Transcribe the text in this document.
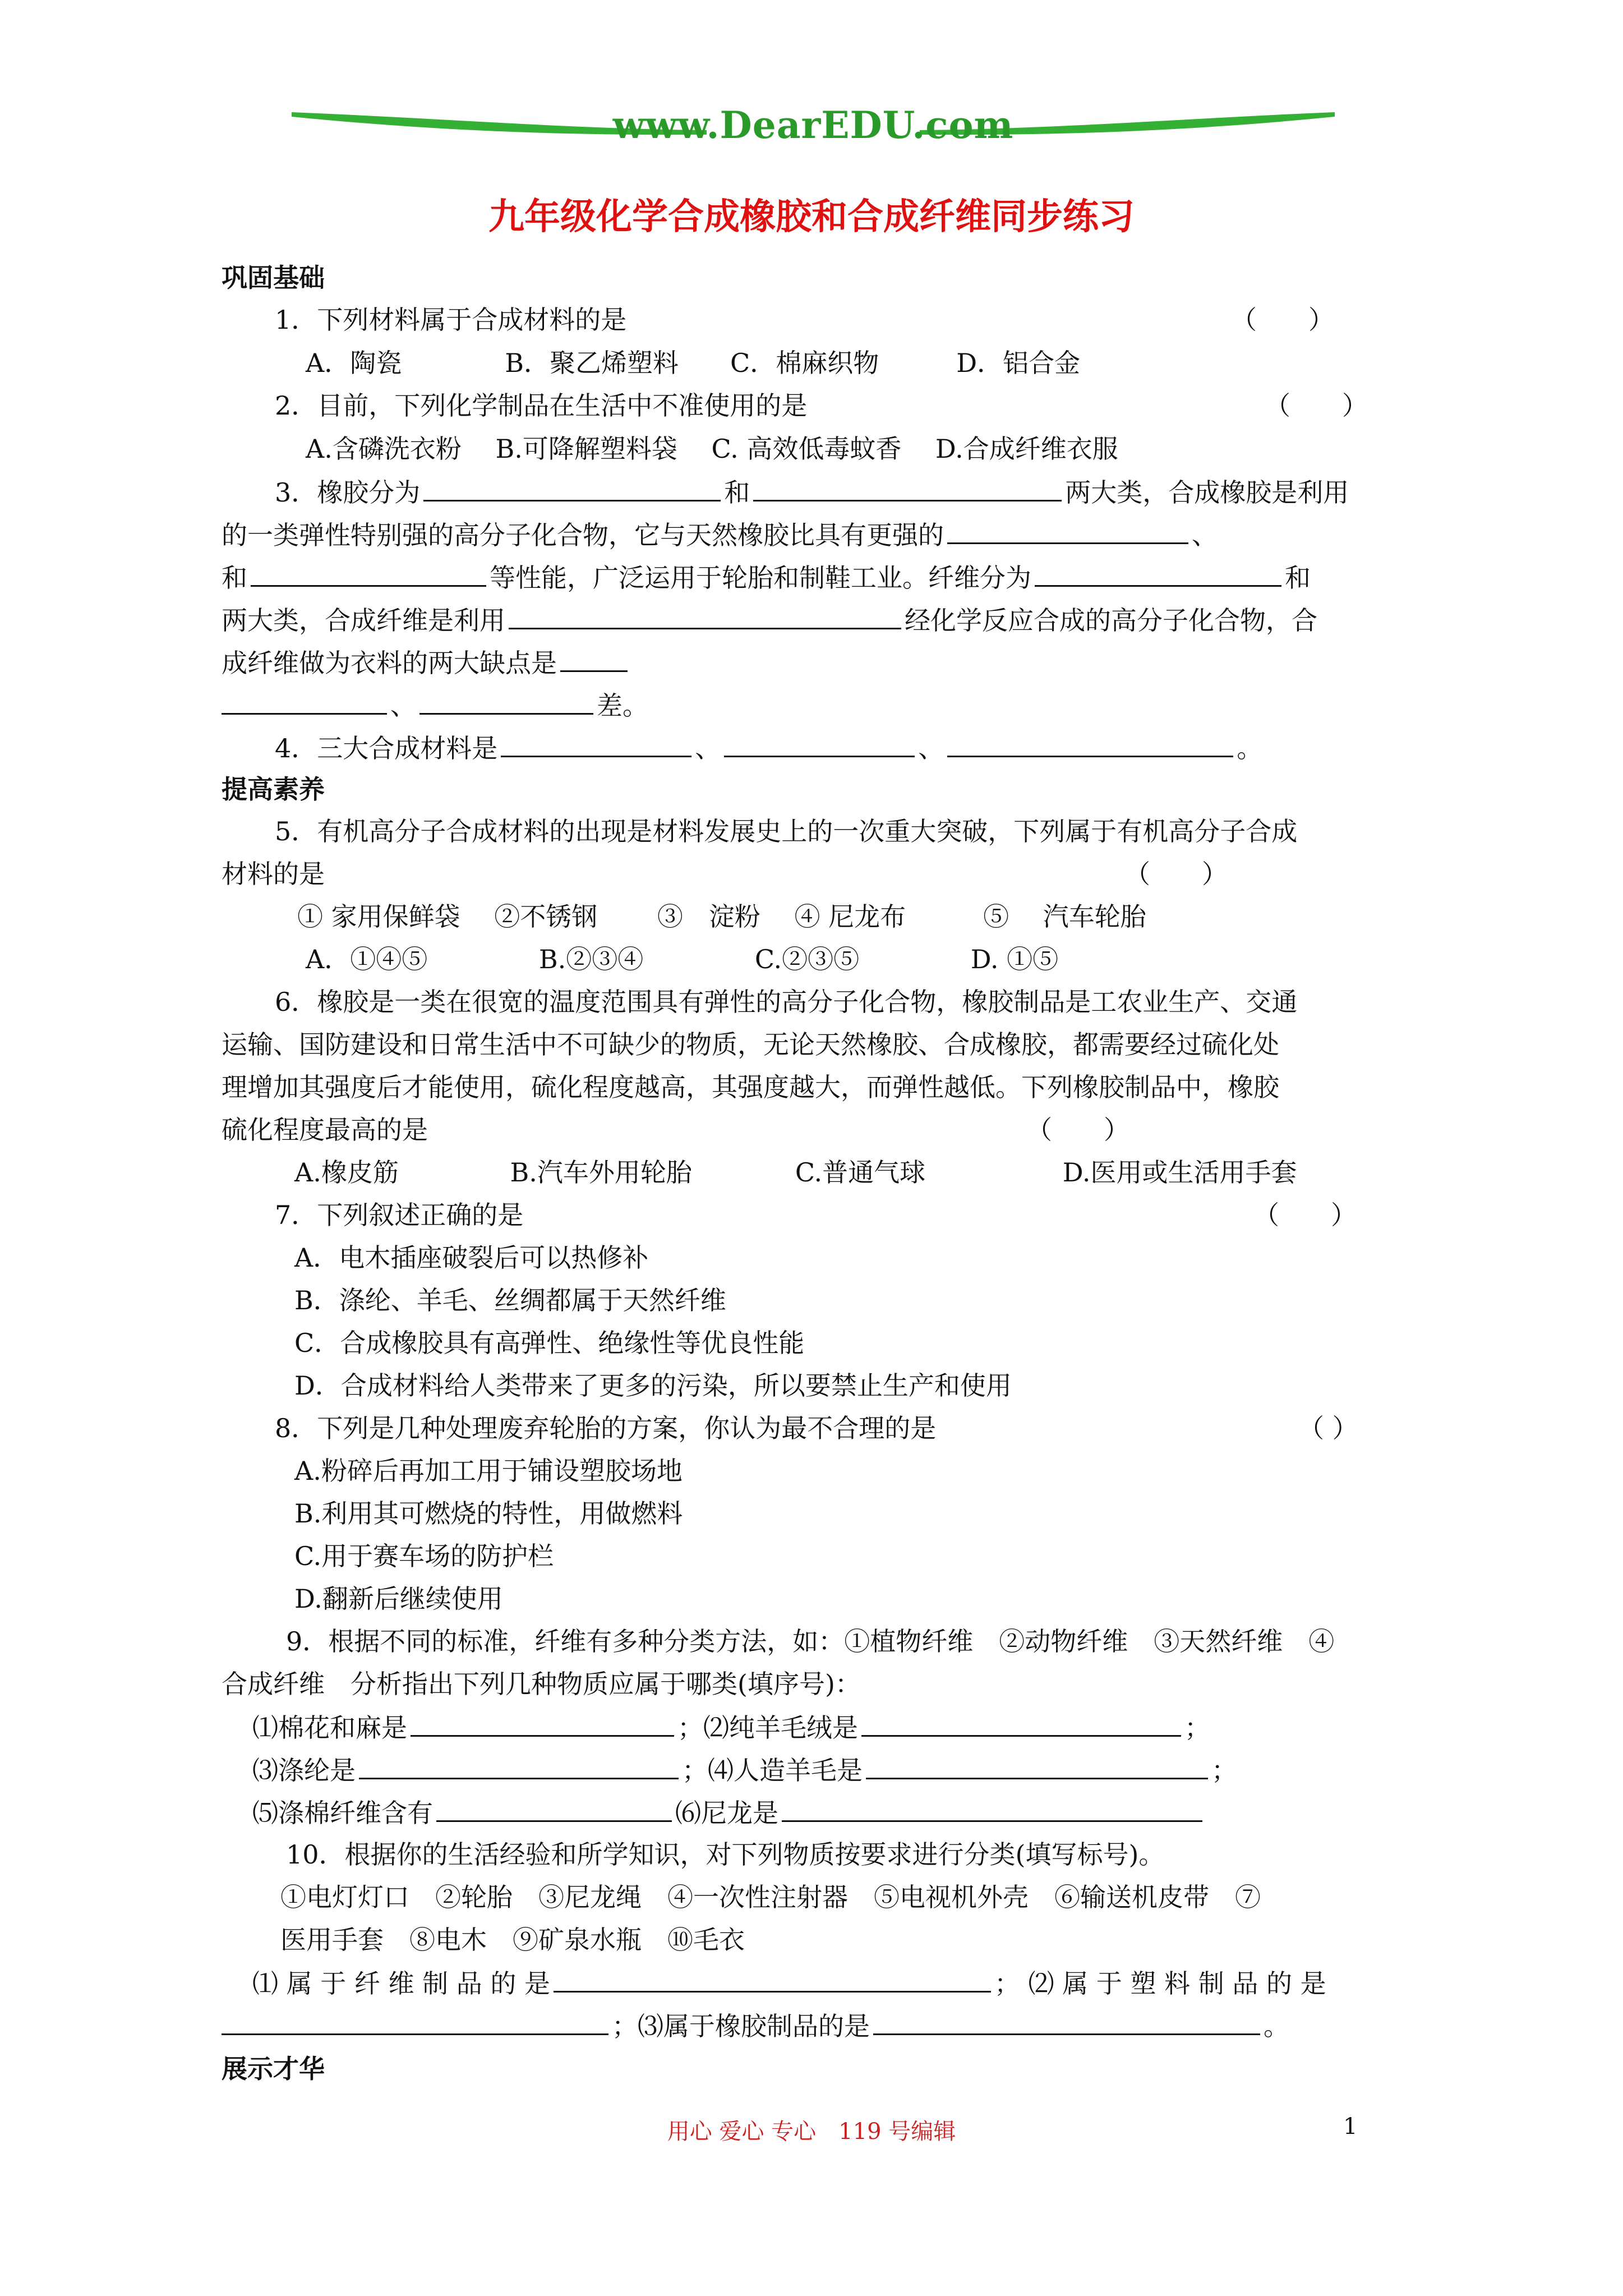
www.DearEDU.com
九年级化学合成橡胶和合成纤维同步练习
巩固基础
1．下列材料属于合成材料的是	（　　）
A．陶瓷　　　　B．聚乙烯塑料　　C．棉麻织物　　　D．铝合金
2．目前，下列化学制品在生活中不准使用的是	（　　）
A.含磷洗衣粉　 B.可降解塑料袋　 C. 高效低毒蚊香　 D.合成纤维衣服
3．橡胶分为	和	两大类，合成橡胶是利用
的一类弹性特别强的高分子化合物，它与天然橡胶比具有更强的	、
和	等性能，广泛运用于轮胎和制鞋工业。纤维分为	和
两大类，合成纤维是利用	经化学反应合成的高分子化合物，合
成纤维做为衣料的两大缺点是
、	差。
4．三大合成材料是	、	、	。
提高素养
5．有机高分子合成材料的出现是材料发展史上的一次重大突破，下列属于有机高分子合成
材料的是	（　　）
① 家用保鲜袋　 ②不锈钢　　 ③　淀粉　 ④ 尼龙布　　　⑤　 汽车轮胎
A．①④⑤　　　　 B.②③④　　　　 C.②③⑤　　　　 D. ①⑤
6．橡胶是一类在很宽的温度范围具有弹性的高分子化合物，橡胶制品是工农业生产、交通
运输、国防建设和日常生活中不可缺少的物质，无论天然橡胶、合成橡胶，都需要经过硫化处
理增加其强度后才能使用，硫化程度越高，其强度越大，而弹性越低。下列橡胶制品中，橡胶
硫化程度最高的是	（　　）
A.橡皮筋　　　　 B.汽车外用轮胎　　　　C.普通气球　　　　　 D.医用或生活用手套
7．下列叙述正确的是	（　　）
A．电木插座破裂后可以热修补
B．涤纶、羊毛、丝绸都属于天然纤维
C．合成橡胶具有高弹性、绝缘性等优良性能
D．合成材料给人类带来了更多的污染，所以要禁止生产和使用
8．下列是几种处理废弃轮胎的方案，你认为最不合理的是	（ ）
A.粉碎后再加工用于铺设塑胶场地
B.利用其可燃烧的特性，用做燃料
C.用于赛车场的防护栏
D.翻新后继续使用
9．根据不同的标准，纤维有多种分类方法，如：①植物纤维　②动物纤维　③天然纤维　④
合成纤维　分析指出下列几种物质应属于哪类(填序号)：
⑴棉花和麻是	；⑵纯羊毛绒是	；
⑶涤纶是	；⑷人造羊毛是	；
⑸涤棉纤维含有	⑹尼龙是
10．根据你的生活经验和所学知识，对下列物质按要求进行分类(填写标号)。
①电灯灯口　②轮胎　③尼龙绳　④一次性注射器　⑤电视机外壳　⑥输送机皮带　⑦
医用手套　⑧电木　⑨矿泉水瓶　⑩毛衣
⑴ 属 于 纤 维 制 品 的 是	； ⑵ 属 于 塑 料 制 品 的 是
；⑶属于橡胶制品的是	。
展示才华
用心 爱心 专心　119 号编辑	1
